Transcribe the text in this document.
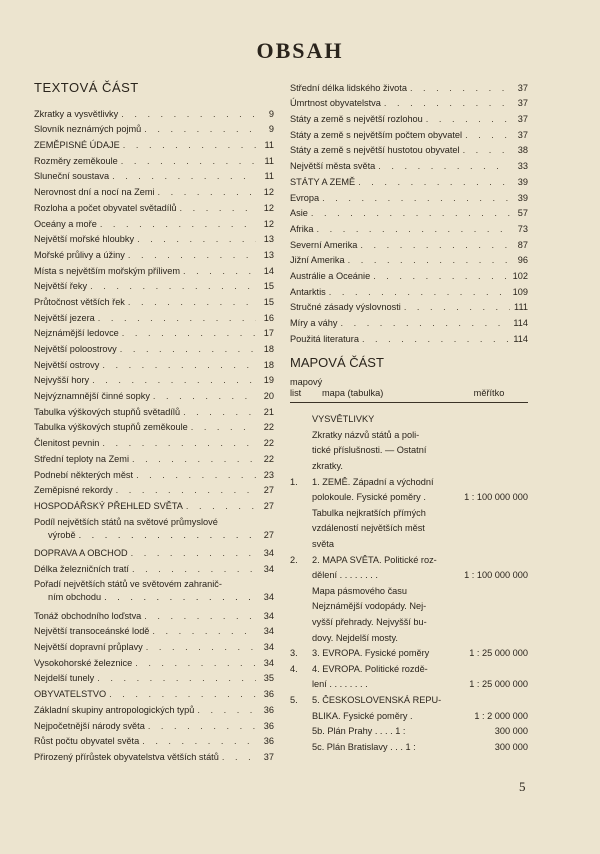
OBSAH
TEXTOVÁ ČÁST
Zkratky a vysvětlivky . . .	9
Slovník neznámých pojmů . . .	9
ZEMĚPISNÉ ÚDAJE . . .	11
Rozměry zeměkoule . . .	11
Sluneční soustava . . .	11
Nerovnost dní a nocí na Zemi . . .	12
Rozloha a počet obyvatel světadílů . . .	12
Oceány a moře . . .	12
Největší mořské hloubky . . .	13
Mořské průlivy a úžiny . . .	13
Místa s největším mořským přílivem . . .	14
Největší řeky . . .	15
Průtočnost větších řek . . .	15
Největší jezera . . .	16
Nejznámější ledovce . . .	17
Největší poloostrovy . . .	18
Největší ostrovy . . .	18
Nejvyšší hory . . .	19
Nejvýznamnější činné sopky . . .	20
Tabulka výškových stupňů světadílů . . .	21
Tabulka výškových stupňů zeměkoule . . .	22
Členitost pevnin . . .	22
Střední teploty na Zemi . . .	22
Podnebí některých měst . . .	23
Zeměpisné rekordy . . .	27
HOSPODÁŘSKÝ PŘEHLED SVĚTA . . .	27
Podíl největších států na světové průmyslové
výrobě . . .	27
DOPRAVA A OBCHOD . . .	34
Délka železničních tratí . . .	34
Pořadí největších států ve světovém zahranič-
ním obchodu . . .	34
Tonáž obchodního loďstva . . .	34
Největší transoceánské lodě . . .	34
Největší dopravní průplavy . . .	34
Vysokohorské železnice . . .	34
Nejdelší tunely . . .	35
OBYVATELSTVO . . .	36
Základní skupiny antropologických typů . . .	36
Nejpočetnější národy světa . . .	36
Růst počtu obyvatel světa . . .	36
Přirozený přírůstek obyvatelstva větších států . . .	37
Střední délka lidského života . . .	37
Úmrtnost obyvatelstva . . .	37
Státy a země s největší rozlohou . . .	37
Státy a země s největším počtem obyvatel . . .	37
Státy a země s největší hustotou obyvatel . . .	38
Největší města světa . . .	33
STÁTY A ZEMĚ . . .	39
Evropa . . .	39
Asie . . .	57
Afrika . . .	73
Severní Amerika . . .	87
Jižní Amerika . . .	96
Austrálie a Oceánie . . .	102
Antarktis . . .	109
Stručné zásady výslovnosti . . .	111
Míry a váhy . . .	114
Použitá literatura . . .	114
MAPOVÁ ČÁST
mapový
list	mapa (tabulka)	měřítko
VYSVĚTLIVKY
Zkratky názvů států a poli-
tické příslušnosti. — Ostatní
zkratky.
1.	1. ZEMĚ. Západní a východní
polokoule. Fysické poměry .	1 : 100 000 000
Tabulka nejkratších přímých
vzdáleností největších měst
světa
2.	2. MAPA SVĚTA. Politické roz-
dělení . . . . . . . .	1 : 100 000 000
Mapa pásmového času
Nejznámější vodopády. Nej-
vyšší přehrady. Nejvyšší bu-
dovy. Nejdelší mosty.
3.	3. EVROPA. Fysické poměry	1 : 25 000 000
4.	4. EVROPA. Politické rozdě-
lení . . . . . . . .	1 : 25 000 000
5.	5. ČESKOSLOVENSKÁ REPU-
BLIKA. Fysické poměry .	1 : 2 000 000
5b. Plán Prahy . . . . 1 :	300 000
5c. Plán Bratislavy . . . 1 :	300 000
5
